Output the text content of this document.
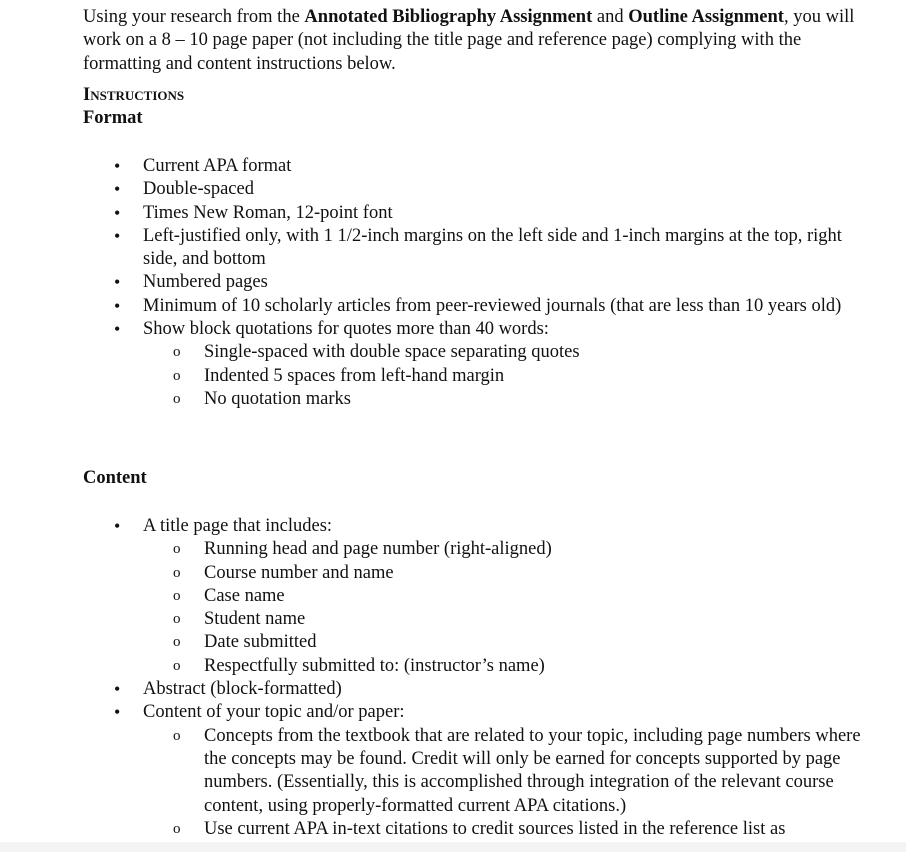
Using your research from the Annotated Bibliography Assignment and Outline Assignment, you will work on a 8 – 10 page paper (not including the title page and reference page) complying with the formatting and content instructions below.
Instructions
Format
• Current APA format
• Double-spaced
• Times New Roman, 12-point font
• Left-justified only, with 1 1/2-inch margins on the left side and 1-inch margins at the top, right side, and bottom
• Numbered pages
• Minimum of 10 scholarly articles from peer-reviewed journals (that are less than 10 years old)
• Show block quotations for quotes more than 40 words:
o Single-spaced with double space separating quotes
o Indented 5 spaces from left-hand margin
o No quotation marks
Content
• A title page that includes:
o Running head and page number (right-aligned)
o Course number and name
o Case name
o Student name
o Date submitted
o Respectfully submitted to: (instructor’s name)
• Abstract (block-formatted)
• Content of your topic and/or paper:
o Concepts from the textbook that are related to your topic, including page numbers where the concepts may be found. Credit will only be earned for concepts supported by page numbers. (Essentially, this is accomplished through integration of the relevant course content, using properly-formatted current APA citations.)
o Use current APA in-text citations to credit sources listed in the reference list as
